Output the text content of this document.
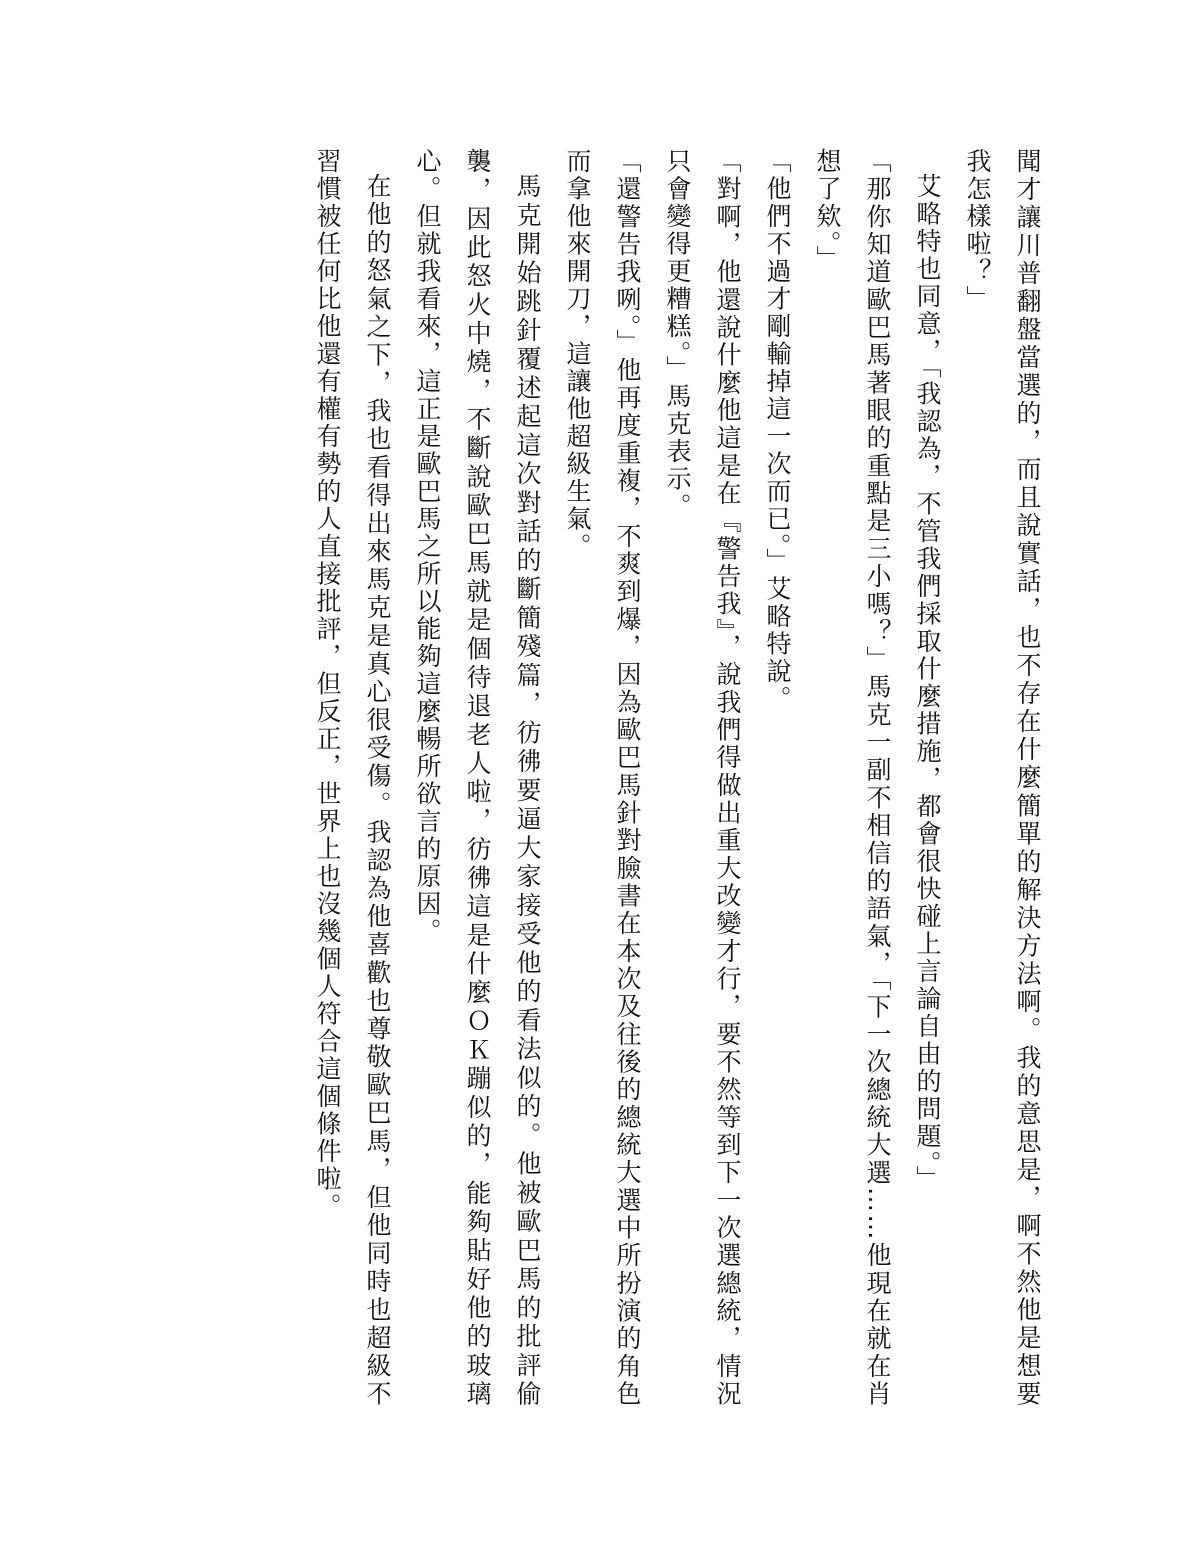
聞才讓川普翻盤當選的，而且說實話，也不存在什麼簡單的解決方法啊。我的意思是，啊不然他是想要我怎樣啦？」

艾略特也同意，「我認為，不管我們採取什麼措施，都會很快碰上言論自由的問題。」

「那你知道歐巴馬著眼的重點是三小嗎？」馬克一副不相信的語氣，「下一次總統大選……他現在就在肖想了欸。」

「他們不過才剛輸掉這一次而已。」艾略特說。

「對啊，他還說什麼他這是在『警告我』，說我們得做出重大改變才行，要不然等到下一次選總統，情況只會變得更糟糕。」馬克表示。

「還警告我咧。」他再度重複，不爽到爆，因為歐巴馬針對臉書在本次及往後的總統大選中所扮演的角色而拿他來開刀，這讓他超級生氣。

馬克開始跳針覆述起這次對話的斷簡殘篇，彷彿要逼大家接受他的看法似的。他被歐巴馬的批評偷襲，因此怒火中燒，不斷說歐巴馬就是個待退老人啦，彷彿這是什麼ＯＫ蹦似的，能夠貼好他的玻璃心。但就我看來，這正是歐巴馬之所以能夠這麼暢所欲言的原因。

在他的怒氣之下，我也看得出來馬克是真心很受傷。我認為他喜歡也尊敬歐巴馬，但他同時也超級不習慣被任何比他還有權有勢的人直接批評，但反正，世界上也沒幾個人符合這個條件啦。
